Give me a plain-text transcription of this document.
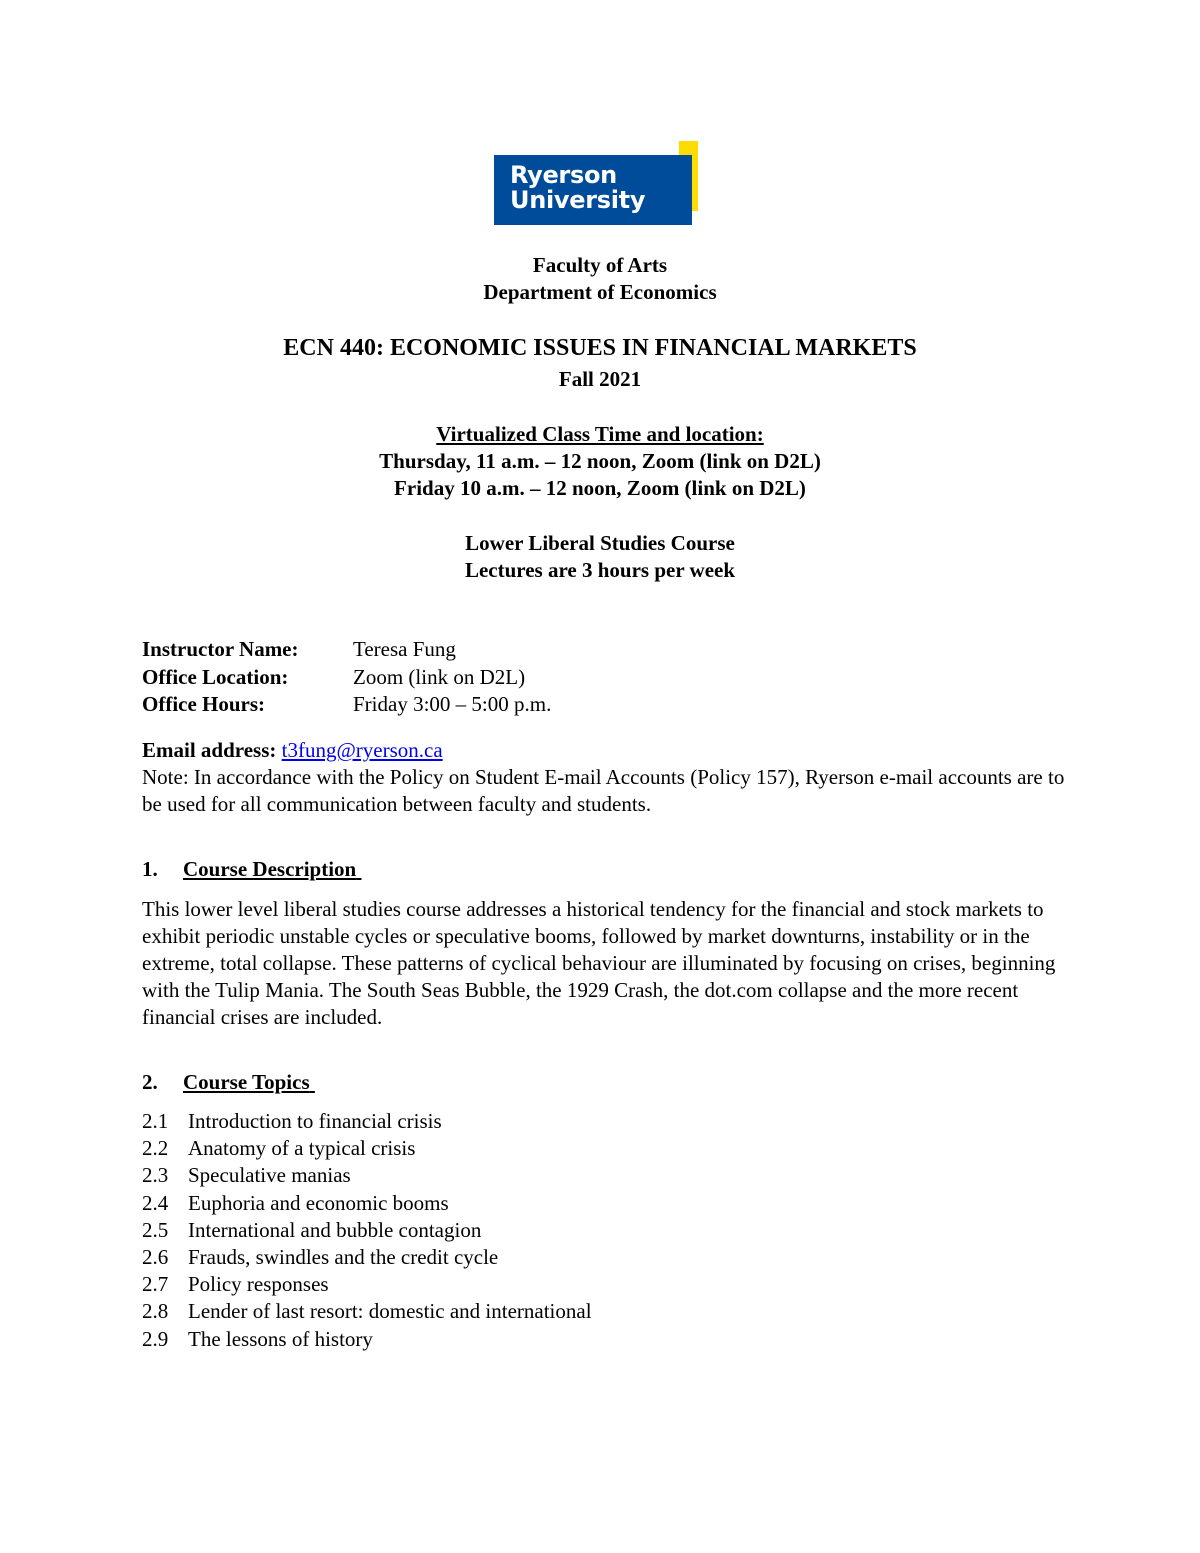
Ryerson
University
Faculty of Arts
Department of Economics
ECN 440: ECONOMIC ISSUES IN FINANCIAL MARKETS
Fall 2021
Virtualized Class Time and location:
Thursday, 11 a.m. – 12 noon, Zoom (link on D2L)
Friday 10 a.m. – 12 noon, Zoom (link on D2L)
Lower Liberal Studies Course
Lectures are 3 hours per week
Instructor Name:	Teresa Fung
Office Location:	Zoom (link on D2L)
Office Hours:	Friday 3:00 – 5:00 p.m.
Email address: t3fung@ryerson.ca
Note: In accordance with the Policy on Student E-mail Accounts (Policy 157), Ryerson e-mail accounts are to be used for all communication between faculty and students.
1. Course Description
This lower level liberal studies course addresses a historical tendency for the financial and stock markets to exhibit periodic unstable cycles or speculative booms, followed by market downturns, instability or in the extreme, total collapse. These patterns of cyclical behaviour are illuminated by focusing on crises, beginning with the Tulip Mania. The South Seas Bubble, the 1929 Crash, the dot.com collapse and the more recent financial crises are included.
2. Course Topics
2.1 Introduction to financial crisis
2.2 Anatomy of a typical crisis
2.3 Speculative manias
2.4 Euphoria and economic booms
2.5 International and bubble contagion
2.6 Frauds, swindles and the credit cycle
2.7 Policy responses
2.8 Lender of last resort: domestic and international
2.9 The lessons of history
